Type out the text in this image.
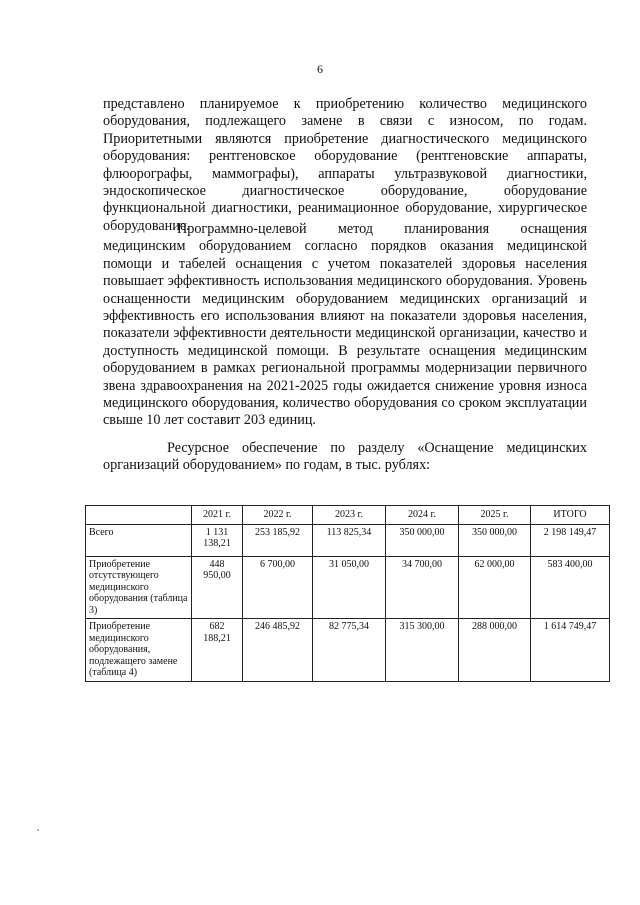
6

представлено планируемое к приобретению количество медицинского оборудования, подлежащего замене в связи с износом, по годам. Приоритетными являются приобретение диагностического медицинского оборудования: рентгеновское оборудование (рентгеновские аппараты, флюорографы, маммографы), аппараты ультразвуковой диагностики, эндоскопическое диагностическое оборудование, оборудование функциональной диагностики, реанимационное оборудование, хирургическое оборудование.

Программно-целевой метод планирования оснащения медицинским оборудованием согласно порядков оказания медицинской помощи и табелей оснащения с учетом показателей здоровья населения повышает эффективность использования медицинского оборудования. Уровень оснащенности медицинским оборудованием медицинских организаций и эффективность его использования влияют на показатели здоровья населения, показатели эффективности деятельности медицинской организации, качество и доступность медицинской помощи. В результате оснащения медицинским оборудованием в рамках региональной программы модернизации первичного звена здравоохранения на 2021-2025 годы ожидается снижение уровня износа медицинского оборудования, количество оборудования со сроком эксплуатации свыше 10 лет составит 203 единиц.

Ресурсное обеспечение по разделу «Оснащение медицинских организаций оборудованием» по годам, в тыс. рублях:

	2021 г.	2022 г.	2023 г.	2024 г.	2025 г.	ИТОГО
Всего	1 131 138,21	253 185,92	113 825,34	350 000,00	350 000,00	2 198 149,47
Приобретение отсутствующего медицинского оборудования (таблица 3)	448 950,00	6 700,00	31 050,00	34 700,00	62 000,00	583 400,00
Приобретение медицинского оборудования, подлежащего замене (таблица 4)	682 188,21	246 485,92	82 775,34	315 300,00	288 000,00	1 614 749,47
